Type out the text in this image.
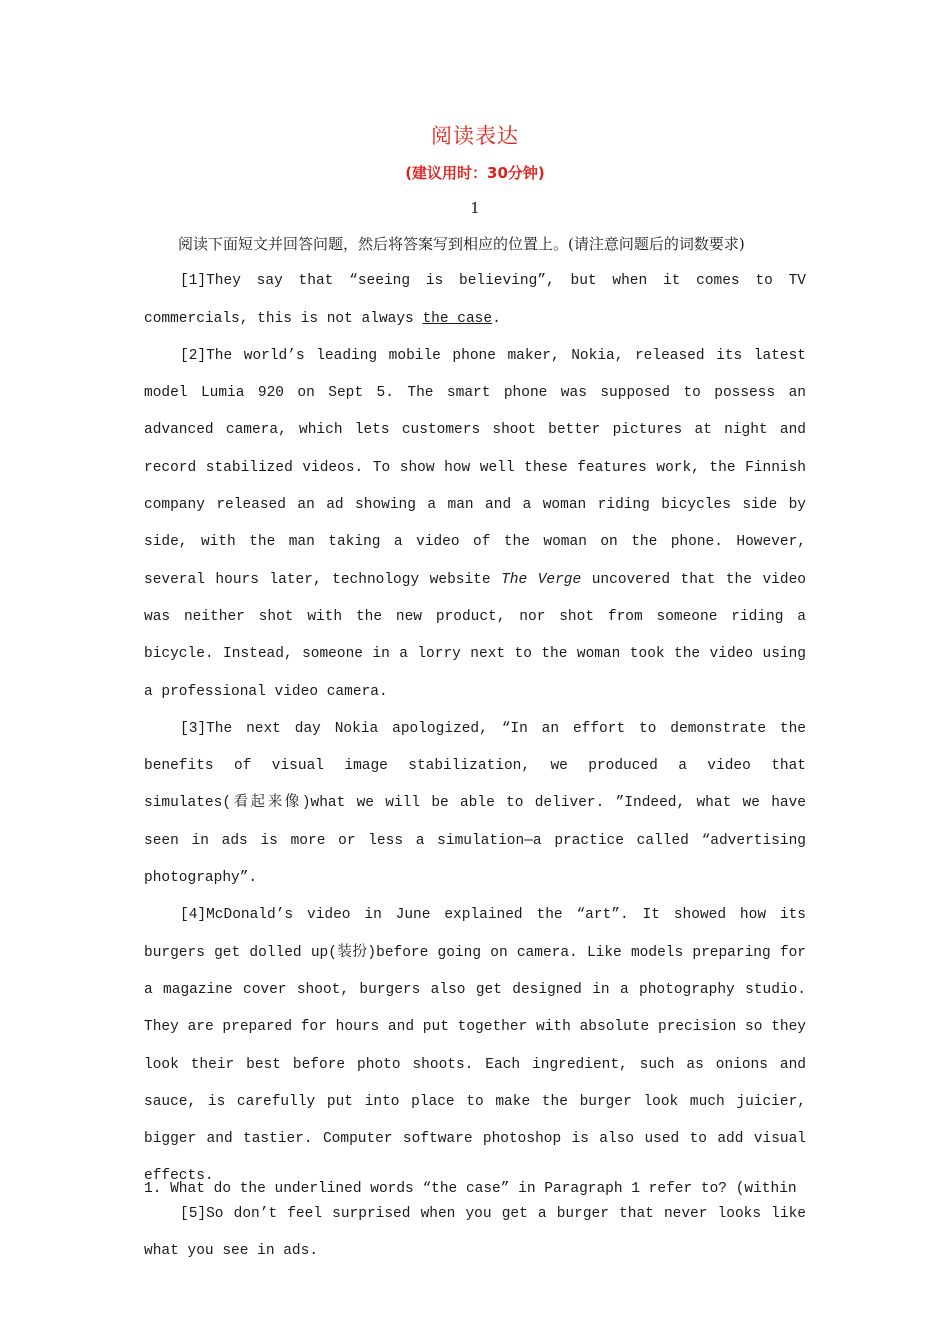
阅读表达
(建议用时：30分钟)
1

阅读下面短文并回答问题，然后将答案写到相应的位置上。(请注意问题后的词数要求)

[1]They say that “seeing is believing”, but when it comes to TV commercials, this is not always the case.

[2]The world’s leading mobile phone maker, Nokia, released its latest model Lumia 920 on Sept 5. The smart phone was supposed to possess an advanced camera, which lets customers shoot better pictures at night and record stabilized videos. To show how well these features work, the Finnish company released an ad showing a man and a woman riding bicycles side by side, with the man taking a video of the woman on the phone. However, several hours later, technology website The Verge uncovered that the video was neither shot with the new product, nor shot from someone riding a bicycle. Instead, someone in a lorry next to the woman took the video using a professional video camera.

[3]The next day Nokia apologized, “In an effort to demonstrate the benefits of visual image stabilization, we produced a video that simulates(看起来像)what we will be able to deliver. ”Indeed, what we have seen in ads is more or less a simulation—a practice called “advertising photography”.

[4]McDonald’s video in June explained the “art”. It showed how its burgers get dolled up(装扮)before going on camera. Like models preparing for a magazine cover shoot, burgers also get designed in a photography studio. They are prepared for hours and put together with absolute precision so they look their best before photo shoots. Each ingredient, such as onions and sauce, is carefully put into place to make the burger look much juicier, bigger and tastier. Computer software photoshop is also used to add visual effects.

[5]So don’t feel surprised when you get a burger that never looks like what you see in ads.

1. What do the underlined words “the case” in Paragraph 1 refer to? (within
